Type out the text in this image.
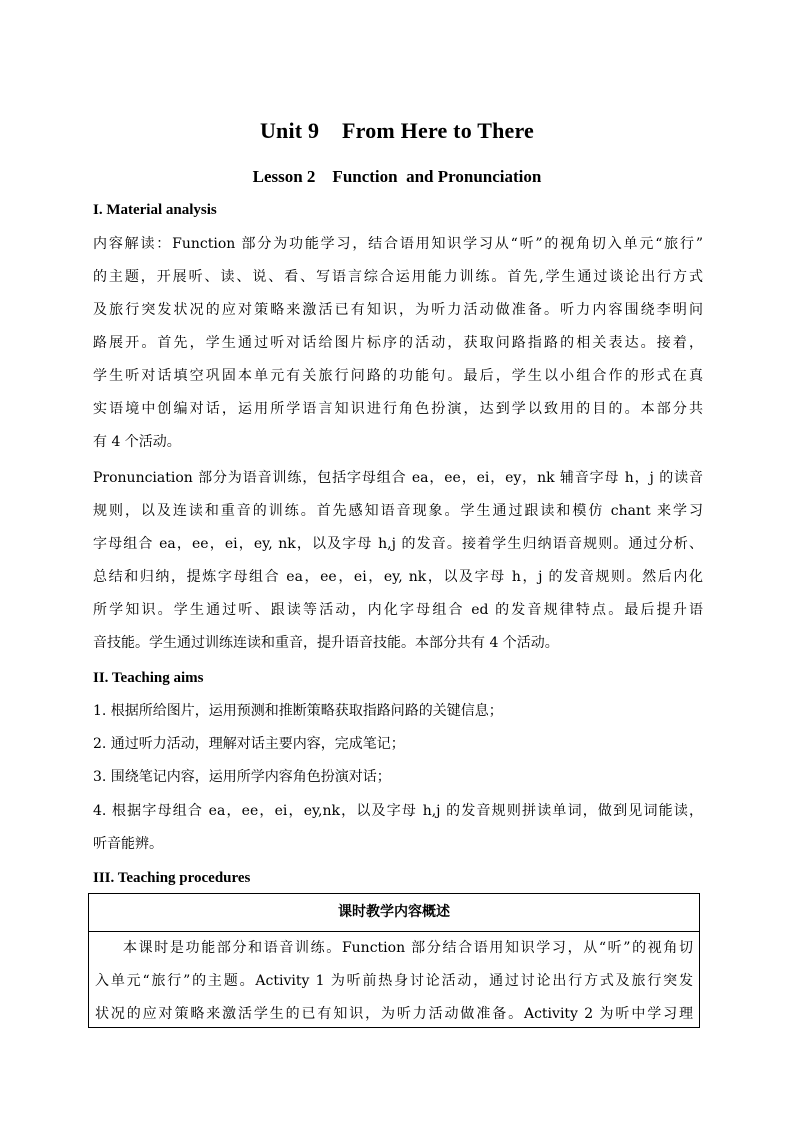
Unit 9    From Here to There
Lesson 2    Function  and Pronunciation
I. Material analysis
内容解读：Function 部分为功能学习，结合语用知识学习从“听”的视角切入单元“旅行”
的主题，开展听、读、说、看、写语言综合运用能力训练。首先,学生通过谈论出行方式
及旅行突发状况的应对策略来激活已有知识，为听力活动做准备。听力内容围绕李明问
路展开。首先，学生通过听对话给图片标序的活动，获取问路指路的相关表达。接着，
学生听对话填空巩固本单元有关旅行问路的功能句。最后，学生以小组合作的形式在真
实语境中创编对话，运用所学语言知识进行角色扮演，达到学以致用的目的。本部分共
有 4 个活动。
Pronunciation 部分为语音训练，包括字母组合 ea，ee，ei，ey，nk 辅音字母 h，j 的读音
规则，以及连读和重音的训练。首先感知语音现象。学生通过跟读和模仿 chant 来学习
字母组合 ea，ee，ei，ey, nk，以及字母 h,j 的发音。接着学生归纳语音规则。通过分析、
总结和归纳，提炼字母组合 ea，ee，ei，ey, nk，以及字母 h，j 的发音规则。然后内化
所学知识。学生通过听、跟读等活动，内化字母组合 ed 的发音规律特点。最后提升语
音技能。学生通过训练连读和重音，提升语音技能。本部分共有 4 个活动。
II. Teaching aims
1. 根据所给图片，运用预测和推断策略获取指路问路的关键信息；
2. 通过听力活动，理解对话主要内容，完成笔记；
3. 围绕笔记内容，运用所学内容角色扮演对话；
4. 根据字母组合 ea，ee，ei，ey,nk，以及字母 h,j 的发音规则拼读单词，做到见词能读，
听音能辨。
III. Teaching procedures
课时教学内容概述
本课时是功能部分和语音训练。Function 部分结合语用知识学习，从“听”的视角切
入单元“旅行”的主题。Activity 1 为听前热身讨论活动，通过讨论出行方式及旅行突发
状况的应对策略来激活学生的已有知识，为听力活动做准备。Activity 2 为听中学习理
